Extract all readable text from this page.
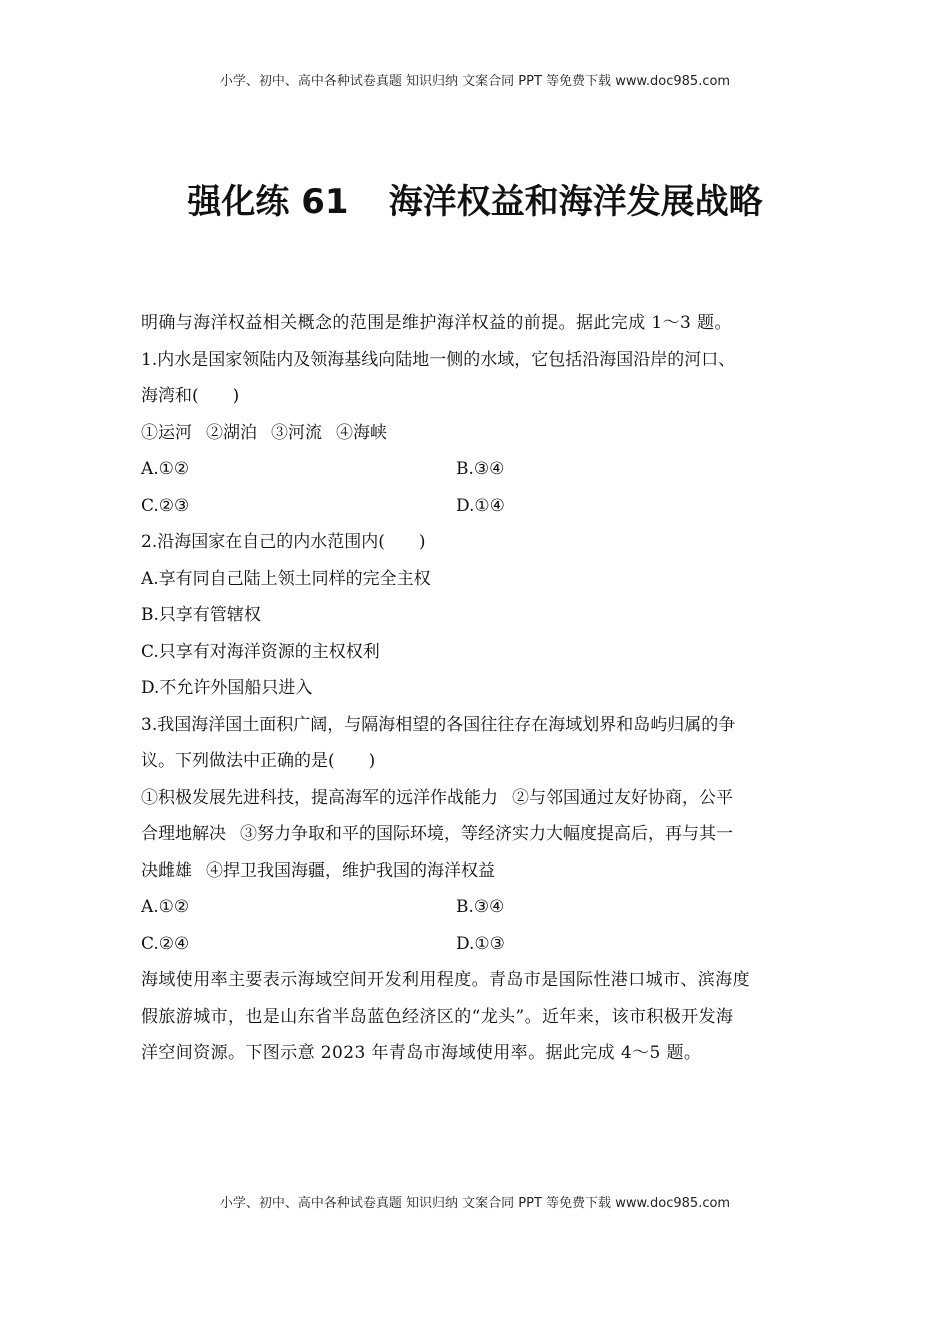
小学、初中、高中各种试卷真题 知识归纳 文案合同 PPT 等免费下载 www.doc985.com
强化练 61 海洋权益和海洋发展战略
明确与海洋权益相关概念的范围是维护海洋权益的前提。据此完成 1～3 题。
1.内水是国家领陆内及领海基线向陆地一侧的水域，它包括沿海国沿岸的河口、
海湾和(　　)
①运河 ②湖泊 ③河流 ④海峡
A.①②	B.③④
C.②③	D.①④
2.沿海国家在自己的内水范围内(　　)
A.享有同自己陆上领土同样的完全主权
B.只享有管辖权
C.只享有对海洋资源的主权权利
D.不允许外国船只进入
3.我国海洋国土面积广阔，与隔海相望的各国往往存在海域划界和岛屿归属的争
议。下列做法中正确的是(　　)
①积极发展先进科技，提高海军的远洋作战能力 ②与邻国通过友好协商，公平
合理地解决 ③努力争取和平的国际环境，等经济实力大幅度提高后，再与其一
决雌雄 ④捍卫我国海疆，维护我国的海洋权益
A.①②	B.③④
C.②④	D.①③
海域使用率主要表示海域空间开发利用程度。青岛市是国际性港口城市、滨海度
假旅游城市，也是山东省半岛蓝色经济区的“龙头”。近年来，该市积极开发海
洋空间资源。下图示意 2023 年青岛市海域使用率。据此完成 4～5 题。
小学、初中、高中各种试卷真题 知识归纳 文案合同 PPT 等免费下载 www.doc985.com
